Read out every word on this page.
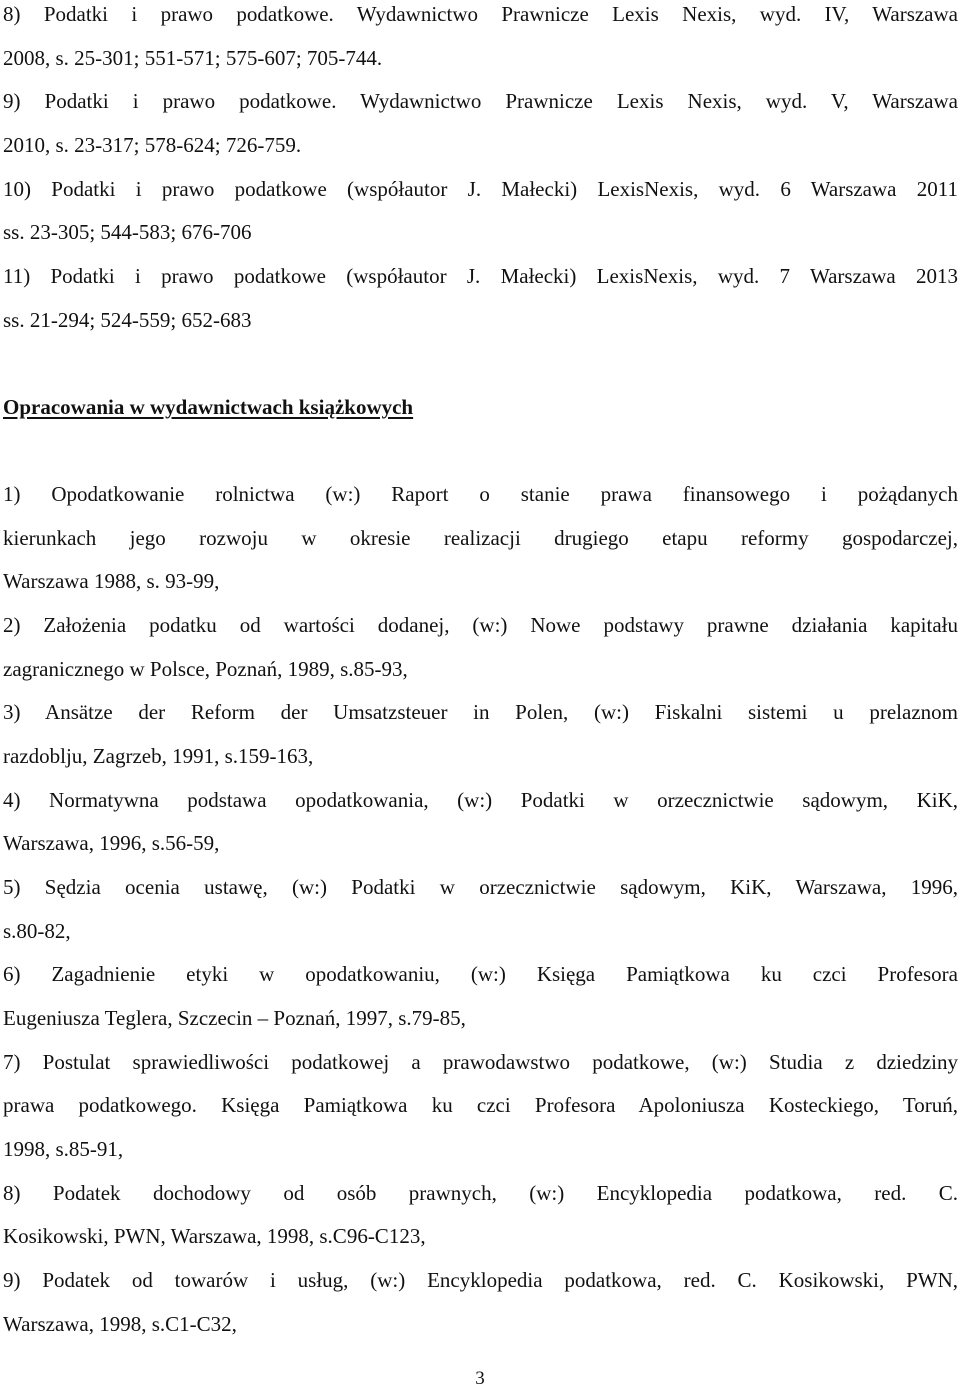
8) Podatki i prawo podatkowe. Wydawnictwo Prawnicze Lexis Nexis, wyd. IV, Warszawa
2008, s. 25-301; 551-571; 575-607; 705-744.
9) Podatki i prawo podatkowe. Wydawnictwo Prawnicze Lexis Nexis, wyd. V, Warszawa
2010, s. 23-317; 578-624; 726-759.
10) Podatki i prawo podatkowe (współautor J. Małecki) LexisNexis, wyd. 6 Warszawa 2011
ss. 23-305; 544-583; 676-706
11) Podatki i prawo podatkowe (współautor J. Małecki) LexisNexis, wyd. 7 Warszawa 2013
ss. 21-294; 524-559; 652-683
Opracowania w wydawnictwach książkowych
1) Opodatkowanie rolnictwa (w:) Raport o stanie prawa finansowego i pożądanych
kierunkach jego rozwoju w okresie realizacji drugiego etapu reformy gospodarczej,
Warszawa 1988, s. 93-99,
2) Założenia podatku od wartości dodanej, (w:) Nowe podstawy prawne działania kapitału
zagranicznego w Polsce, Poznań, 1989, s.85-93,
3) Ansätze der Reform der Umsatzsteuer in Polen, (w:) Fiskalni sistemi u prelaznom
razdoblju, Zagrzeb, 1991, s.159-163,
4) Normatywna podstawa opodatkowania, (w:) Podatki w orzecznictwie sądowym, KiK,
Warszawa, 1996, s.56-59,
5) Sędzia ocenia ustawę, (w:) Podatki w orzecznictwie sądowym, KiK, Warszawa, 1996,
s.80-82,
6) Zagadnienie etyki w opodatkowaniu, (w:) Księga Pamiątkowa ku czci Profesora
Eugeniusza Teglera, Szczecin – Poznań, 1997, s.79-85,
7) Postulat sprawiedliwości podatkowej a prawodawstwo podatkowe, (w:) Studia z dziedziny
prawa podatkowego. Księga Pamiątkowa ku czci Profesora Apoloniusza Kosteckiego, Toruń,
1998, s.85-91,
8) Podatek dochodowy od osób prawnych, (w:) Encyklopedia podatkowa, red. C.
Kosikowski, PWN, Warszawa, 1998, s.C96-C123,
9) Podatek od towarów i usług, (w:) Encyklopedia podatkowa, red. C. Kosikowski, PWN,
Warszawa, 1998, s.C1-C32,
3
